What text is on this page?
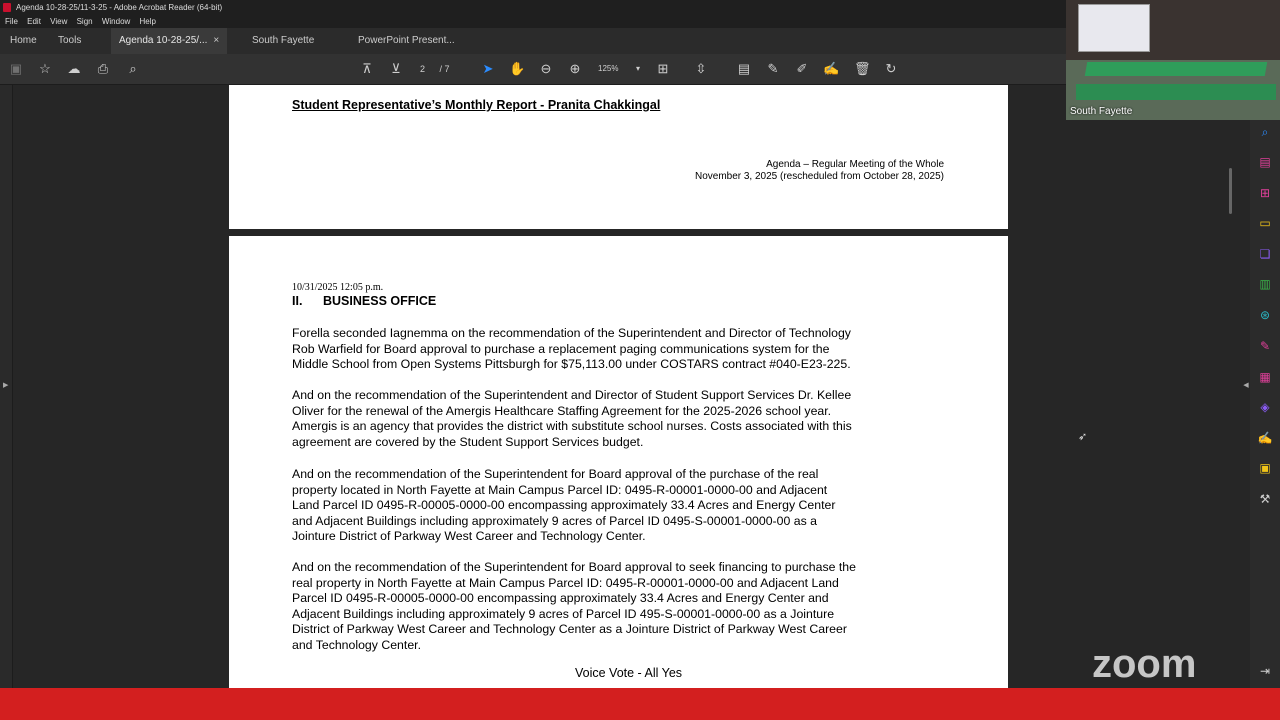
Agenda 10-28-25/11-3-25 - Adobe Acrobat Reader (64-bit)
File Edit View Sign Window Help
Home Tools	Agenda 10-28-25/... ×	South Fayette	PowerPoint Present...
▣ ☆ ☁ ⎙	⌕	⊼ ⊻	➤ ✋ ⊖ ⊕	▾	⊞ ⇳ ▤ ✎ ✐ ✍ 🗑 ↻
2 / 7	125%
▶
Student Representative’s Monthly Report - Pranita Chakkingal
Agenda – Regular Meeting of the Whole
November 3, 2025 (rescheduled from October 28, 2025)
10/31/2025 12:05 p.m.
II. BUSINESS OFFICE
Forella seconded Iagnemma on the recommendation of the Superintendent and Director of Technology
Rob Warfield for Board approval to purchase a replacement paging communications system for the
Middle School from Open Systems Pittsburgh for $75,113.00 under COSTARS contract #040-E23-225.
And on the recommendation of the Superintendent and Director of Student Support Services Dr. Kellee
Oliver for the renewal of the Amergis Healthcare Staffing Agreement for the 2025-2026 school year.
Amergis is an agency that provides the district with substitute school nurses. Costs associated with this
agreement are covered by the Student Support Services budget.
And on the recommendation of the Superintendent for Board approval of the purchase of the real
property located in North Fayette at Main Campus Parcel ID: 0495-R-00001-0000-00 and Adjacent
Land Parcel ID 0495-R-00005-0000-00 encompassing approximately 33.4 Acres and Energy Center
and Adjacent Buildings including approximately 9 acres of Parcel ID 0495-S-00001-0000-00 as a
Jointure District of Parkway West Career and Technology Center.
And on the recommendation of the Superintendent for Board approval to seek financing to purchase the
real property in North Fayette at Main Campus Parcel ID: 0495-R-00001-0000-00 and Adjacent Land
Parcel ID 0495-R-00005-0000-00 encompassing approximately 33.4 Acres and Energy Center and
Adjacent Buildings including approximately 9 acres of Parcel ID 495-S-00001-0000-00 as a Jointure
District of Parkway West Career and Technology Center as a Jointure District of Parkway West Career
and Technology Center.
Voice Vote - All Yes
⌕
▤
⊞
▭
❏
▥
⊛
✎
▦
◈
✍
▣
⚒
◀
⇥
South Fayette
zoom
➶
